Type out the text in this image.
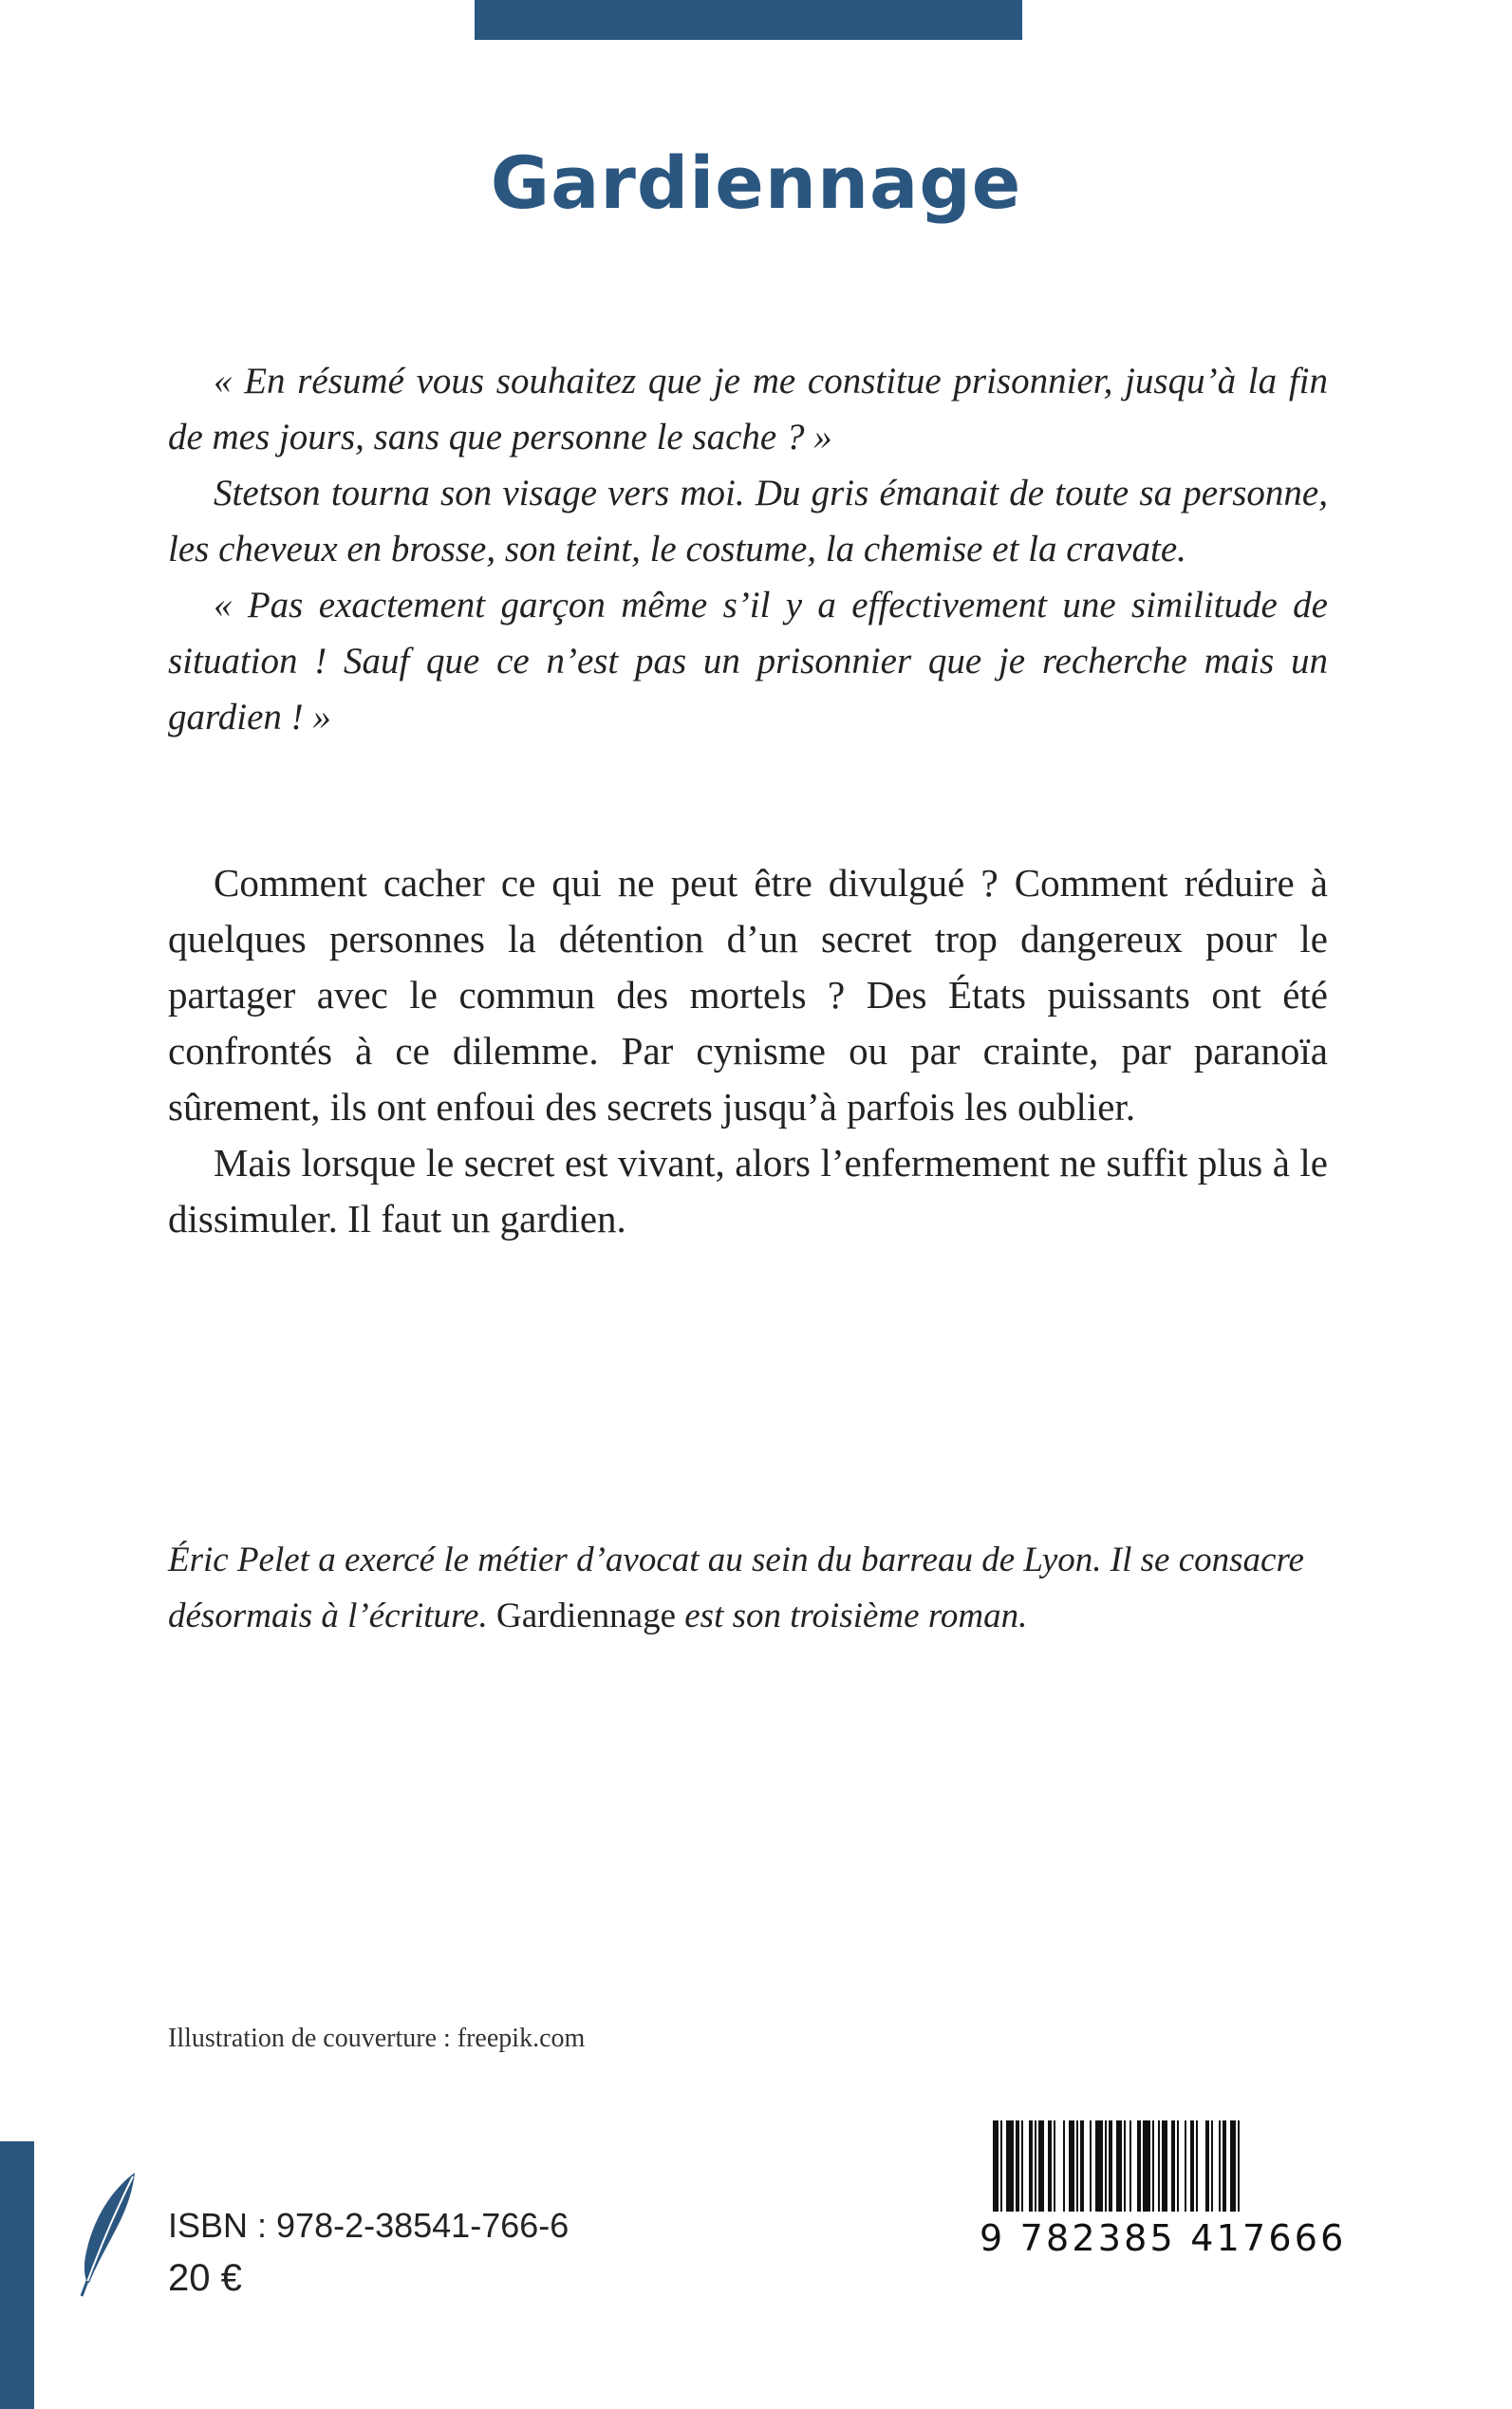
Gardiennage

« En résumé vous souhaitez que je me constitue prisonnier, jusqu’à la fin de mes jours, sans que personne le sache ? »

Stetson tourna son visage vers moi. Du gris émanait de toute sa personne, les cheveux en brosse, son teint, le costume, la chemise et la cravate.

« Pas exactement garçon même s’il y a effectivement une similitude de situation ! Sauf que ce n’est pas un prisonnier que je recherche mais un gardien ! »

Comment cacher ce qui ne peut être divulgué ? Comment réduire à quelques personnes la détention d’un secret trop dangereux pour le partager avec le commun des mortels ? Des États puissants ont été confrontés à ce dilemme. Par cynisme ou par crainte, par paranoïa sûrement, ils ont enfoui des secrets jusqu’à parfois les oublier.

Mais lorsque le secret est vivant, alors l’enfermement ne suffit plus à le dissimuler. Il faut un gardien.

Éric Pelet a exercé le métier d’avocat au sein du barreau de Lyon. Il se consacre désormais à l’écriture. Gardiennage est son troisième roman.

Illustration de couverture : freepik.com
ISBN : 978-2-38541-766-6
20 €
9 782385 417666
